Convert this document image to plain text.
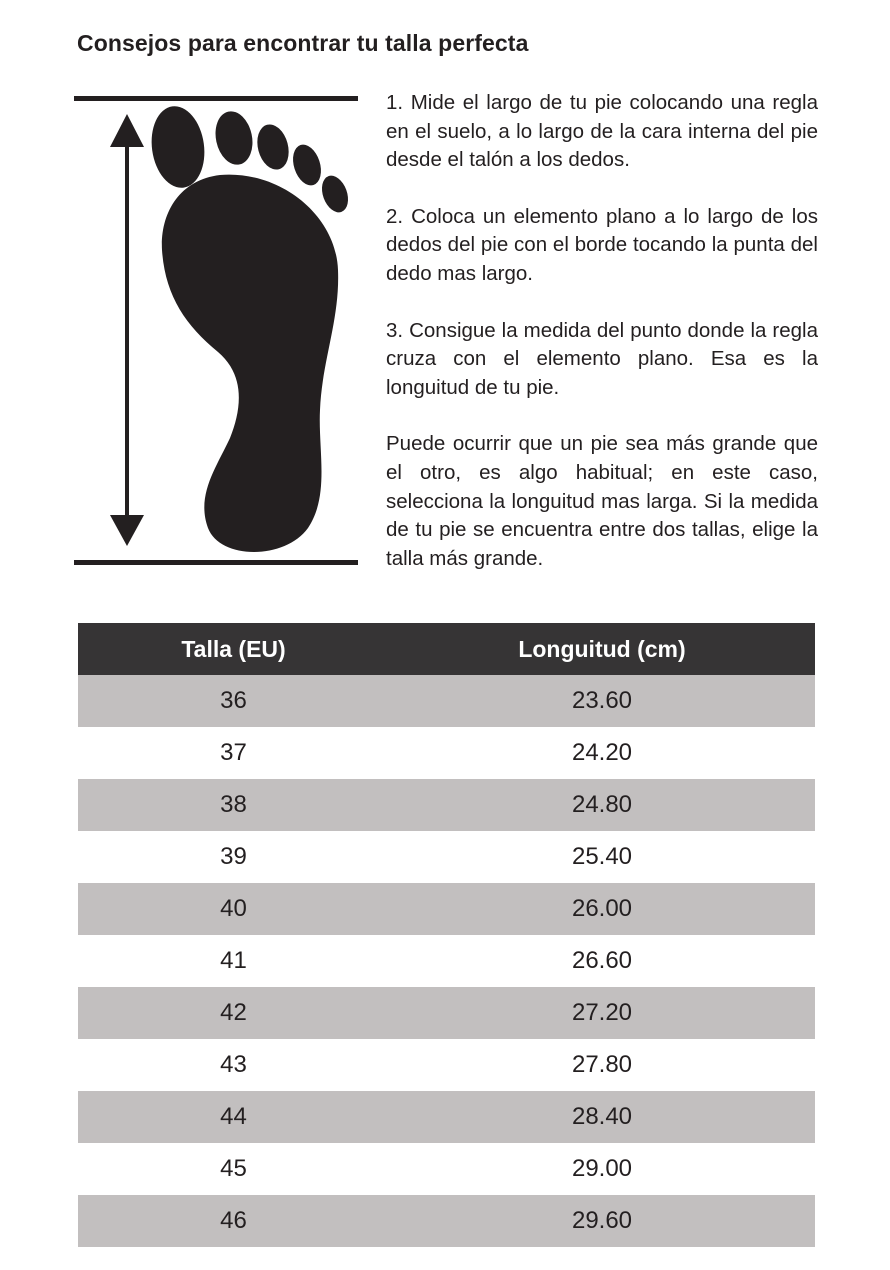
Consejos para encontrar tu talla perfecta

1. Mide el largo de tu pie colocando una regla en el suelo, a lo largo de la cara interna del pie desde el talón a los dedos.

2. Coloca un elemento plano a lo largo de los dedos del pie con el borde tocando la punta del dedo mas largo.

3. Consigue la medida del punto donde la regla cruza con el elemento plano. Esa es la longuitud de tu pie.

Puede ocurrir que un pie sea más grande que el otro, es algo habitual; en este caso, selecciona la longuitud mas larga. Si la medida de tu pie se encuentra entre dos tallas, elige la talla más grande.

Talla (EU)	Longuitud (cm)
36	23.60
37	24.20
38	24.80
39	25.40
40	26.00
41	26.60
42	27.20
43	27.80
44	28.40
45	29.00
46	29.60
